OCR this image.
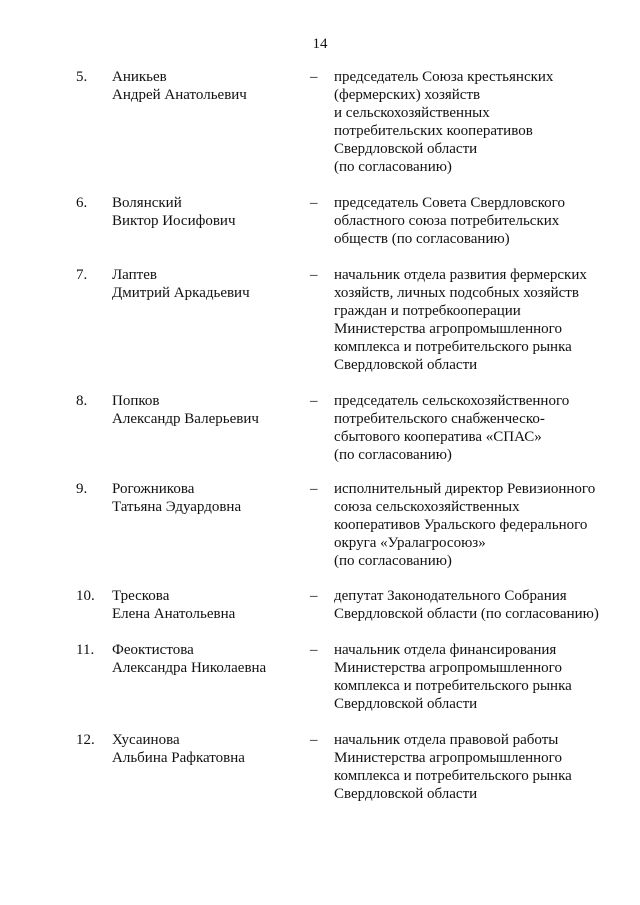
14
5.	Аникьев
Андрей Анатольевич
–	председатель Союза крестьянских
(фермерских) хозяйств
и сельскохозяйственных
потребительских кооперативов
Свердловской области
(по согласованию)
6.	Волянский
Виктор Иосифович
–	председатель Совета Свердловского
областного союза потребительских
обществ (по согласованию)
7.	Лаптев
Дмитрий Аркадьевич
–	начальник отдела развития фермерских
хозяйств, личных подсобных хозяйств
граждан и потребкооперации
Министерства агропромышленного
комплекса и потребительского рынка
Свердловской области
8.	Попков
Александр Валерьевич
–	председатель сельскохозяйственного
потребительского снабженческо-
сбытового кооператива «СПАС»
(по согласованию)
9.	Рогожникова
Татьяна Эдуардовна
–	исполнительный директор Ревизионного
союза сельскохозяйственных
кооперативов Уральского федерального
округа «Уралагросоюз»
(по согласованию)
10.	Трескова
Елена Анатольевна
–	депутат Законодательного Собрания
Свердловской области (по согласованию)
11.	Феоктистова
Александра Николаевна
–	начальник отдела финансирования
Министерства агропромышленного
комплекса и потребительского рынка
Свердловской области
12.	Хусаинова
Альбина Рафкатовна
–	начальник отдела правовой работы
Министерства агропромышленного
комплекса и потребительского рынка
Свердловской области
